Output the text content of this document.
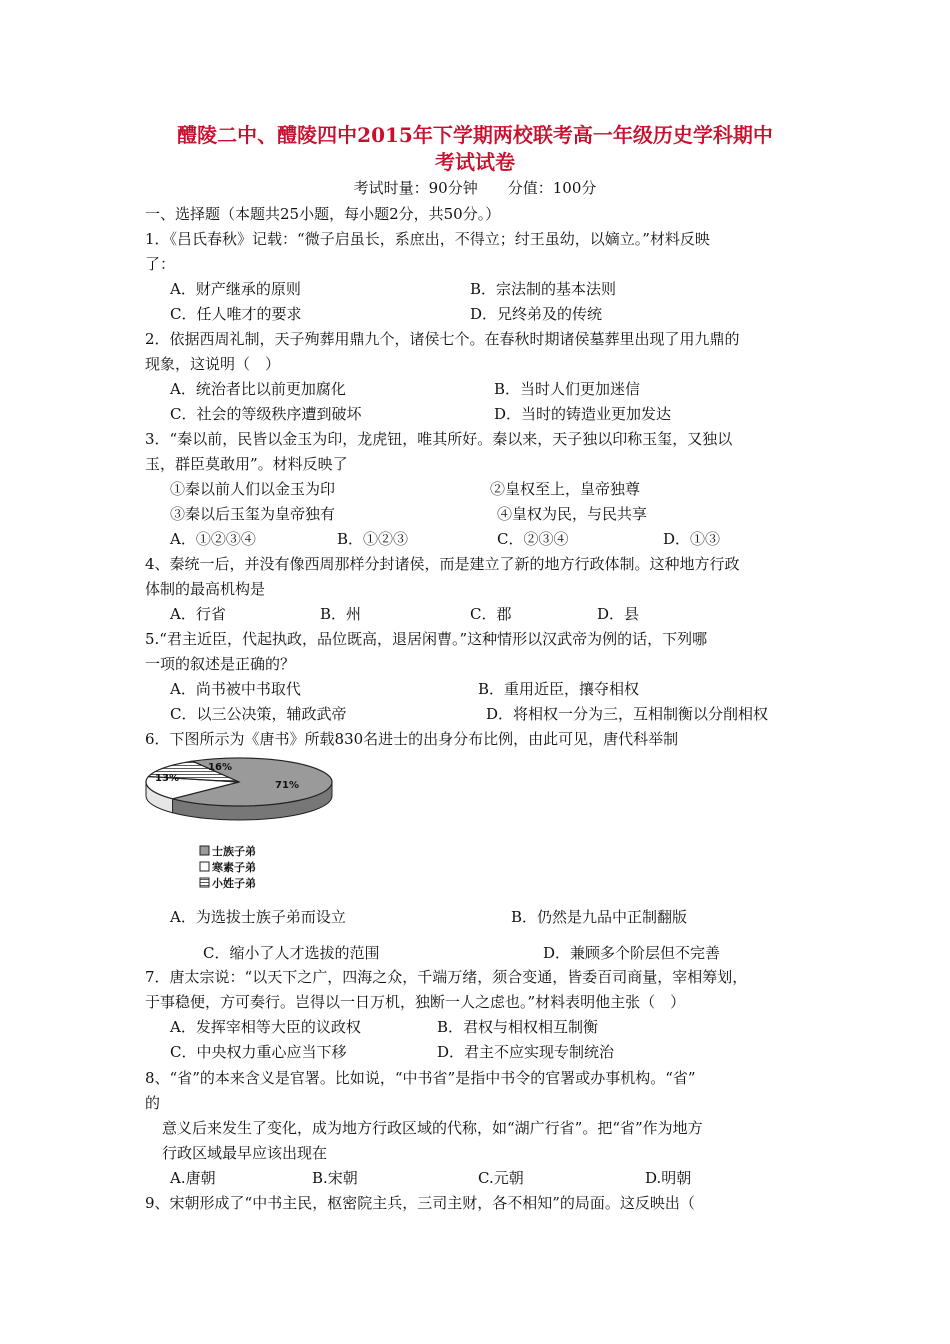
醴陵二中、醴陵四中2015年下学期两校联考高一年级历史学科期中
考试试卷
考试时量：90分钟　　分值：100分
一、选择题（本题共25小题，每小题2分，共50分。）
1．《吕氏春秋》记载：“微子启虽长，系庶出，不得立；纣王虽幼，以嫡立。”材料反映
了：
A．财产继承的原则	B．宗法制的基本法则
C．任人唯才的要求	D．兄终弟及的传统
2．依据西周礼制，天子殉葬用鼎九个，诸侯七个。在春秋时期诸侯墓葬里出现了用九鼎的
现象，这说明（　）
A．统治者比以前更加腐化	B．当时人们更加迷信
C．社会的等级秩序遭到破坏	D．当时的铸造业更加发达
3．“秦以前，民皆以金玉为印，龙虎钮，唯其所好。秦以来，天子独以印称玉玺，又独以
玉，群臣莫敢用”。材料反映了
①秦以前人们以金玉为印	②皇权至上，皇帝独尊
③秦以后玉玺为皇帝独有	④皇权为民，与民共享
A．①②③④	B．①②③	C．②③④	D．①③
4、秦统一后，并没有像西周那样分封诸侯，而是建立了新的地方行政体制。这种地方行政
体制的最高机构是
A．行省	B．州	C．郡	D．县
5.“君主近臣，代起执政，品位既高，退居闲曹。”这种情形以汉武帝为例的话，下列哪
一项的叙述是正确的？
A．尚书被中书取代	B．重用近臣，攘夺相权
C．以三公决策，辅政武帝	D．将相权一分为三，互相制衡以分削相权
6．下图所示为《唐书》所载830名进士的出身分布比例，由此可见，唐代科举制
71%
16%
13%
士族子弟
寒素子弟
小姓子弟
A．为选拔士族子弟而设立	B．仍然是九品中正制翻版
C．缩小了人才选拔的范围	D．兼顾多个阶层但不完善
7．唐太宗说：“以天下之广，四海之众，千端万绪，须合变通，皆委百司商量，宰相筹划，
于事稳便，方可奏行。岂得以一日万机，独断一人之虑也。”材料表明他主张（　）
A．发挥宰相等大臣的议政权	B．君权与相权相互制衡
C．中央权力重心应当下移	D．君主不应实现专制统治
8、“省”的本来含义是官署。比如说，“中书省”是指中书令的官署或办事机构。“省”
的
意义后来发生了变化，成为地方行政区域的代称，如“湖广行省”。把“省”作为地方
行政区域最早应该出现在
A.唐朝	B.宋朝	C.元朝	D.明朝
9、宋朝形成了“中书主民，枢密院主兵，三司主财，各不相知”的局面。这反映出（
